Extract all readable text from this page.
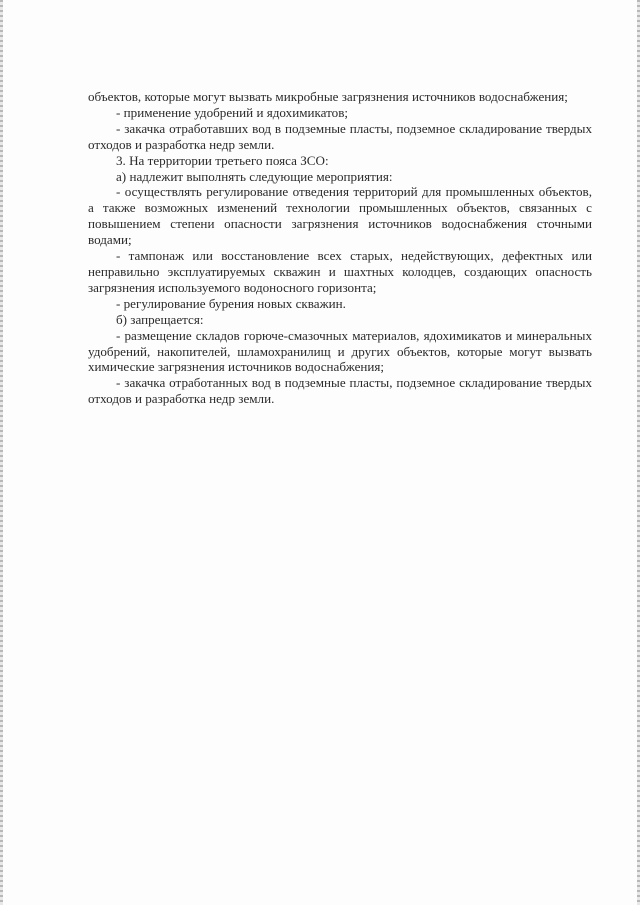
объектов, которые могут вызвать микробные загрязнения источников водоснабжения;

- применение удобрений и ядохимикатов;

- закачка отработавших вод в подземные пласты, подземное складирование твердых отходов и разработка недр земли.

3. На территории третьего пояса ЗСО:

а) надлежит выполнять следующие мероприятия:

- осуществлять регулирование отведения территорий для промышленных объектов, а также возможных изменений технологии промышленных объектов, связанных с повышением степени опасности загрязнения источников водоснабжения сточными водами;

- тампонаж или восстановление всех старых, недействующих, дефектных или неправильно эксплуатируемых скважин и шахтных колодцев, создающих опасность загрязнения используемого водоносного горизонта;

- регулирование бурения новых скважин.

б) запрещается:

- размещение складов горюче-смазочных материалов, ядохимикатов и минеральных удобрений, накопителей, шламохранилищ и других объектов, которые могут вызвать химические загрязнения источников водоснабжения;

- закачка отработанных вод в подземные пласты, подземное складирование твердых отходов и разработка недр земли.
